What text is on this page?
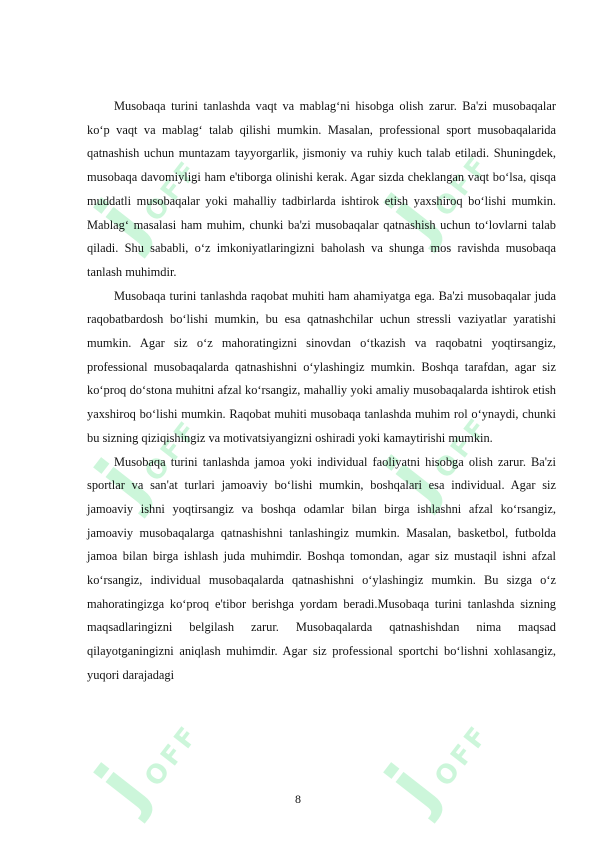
ϳOFF ϳOFF
ϳOFF ϳOFF
ϳOFF ϳOFF

Musobaqa turini tanlashda vaqt va mablag‘ni hisobga olish zarur. Ba'zi musobaqalar ko‘p vaqt va mablag‘ talab qilishi mumkin. Masalan, professional sport musobaqalarida qatnashish uchun muntazam tayyorgarlik, jismoniy va ruhiy kuch talab etiladi. Shuningdek, musobaqa davomiyligi ham e'tiborga olinishi kerak. Agar sizda cheklangan vaqt bo‘lsa, qisqa muddatli musobaqalar yoki mahalliy tadbirlarda ishtirok etish yaxshiroq bo‘lishi mumkin. Mablag‘ masalasi ham muhim, chunki ba'zi musobaqalar qatnashish uchun to‘lovlarni talab qiladi. Shu sababli, o‘z imkoniyatlaringizni baholash va shunga mos ravishda musobaqa tanlash muhimdir.

Musobaqa turini tanlashda raqobat muhiti ham ahamiyatga ega. Ba'zi musobaqalar juda raqobatbardosh bo‘lishi mumkin, bu esa qatnashchilar uchun stressli vaziyatlar yaratishi mumkin. Agar siz o‘z mahoratingizni sinovdan o‘tkazish va raqobatni yoqtirsangiz, professional musobaqalarda qatnashishni o‘ylashingiz mumkin. Boshqa tarafdan, agar siz ko‘proq do‘stona muhitni afzal ko‘rsangiz, mahalliy yoki amaliy musobaqalarda ishtirok etish yaxshiroq bo‘lishi mumkin. Raqobat muhiti musobaqa tanlashda muhim rol o‘ynaydi, chunki bu sizning qiziqishingiz va motivatsiyangizni oshiradi yoki kamaytirishi mumkin.

Musobaqa turini tanlashda jamoa yoki individual faoliyatni hisobga olish zarur. Ba'zi sportlar va san'at turlari jamoaviy bo‘lishi mumkin, boshqalari esa individual. Agar siz jamoaviy ishni yoqtirsangiz va boshqa odamlar bilan birga ishlashni afzal ko‘rsangiz, jamoaviy musobaqalarga qatnashishni tanlashingiz mumkin. Masalan, basketbol, futbolda jamoa bilan birga ishlash juda muhimdir. Boshqa tomondan, agar siz mustaqil ishni afzal ko‘rsangiz, individual musobaqalarda qatnashishni o‘ylashingiz mumkin. Bu sizga o‘z mahoratingizga ko‘proq e'tibor berishga yordam beradi.Musobaqa turini tanlashda sizning maqsadlaringizni belgilash zarur. Musobaqalarda qatnashishdan nima maqsad qilayotganingizni aniqlash muhimdir. Agar siz professional sportchi bo‘lishni xohlasangiz, yuqori darajadagi

8
